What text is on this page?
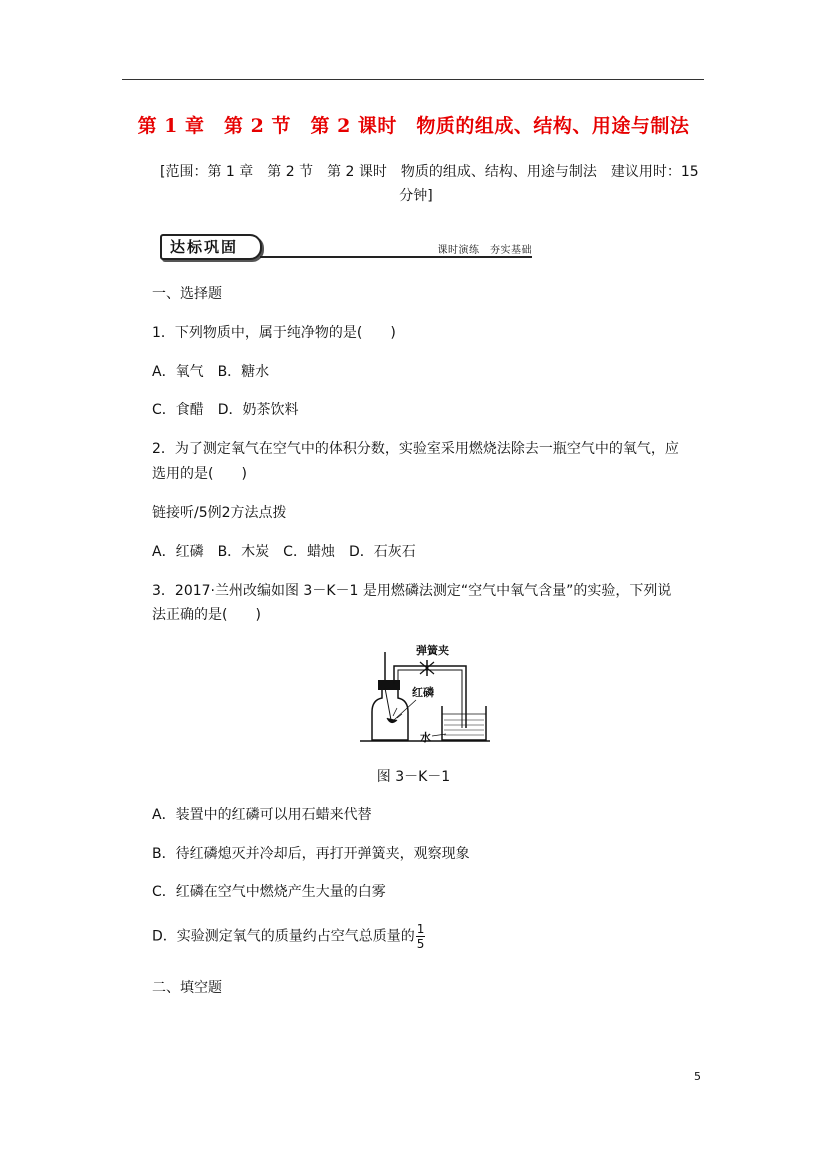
第 1 章　第 2 节　第 2 课时　物质的组成、结构、用途与制法
[范围：第 1 章　第 2 节　第 2 课时　物质的组成、结构、用途与制法　建议用时：15
分钟]
达标巩固	课时演练　夯实基础
一、选择题
1．下列物质中，属于纯净物的是(　　)
A．氧气　B．糖水
C．食醋　D．奶茶饮料
2．为了测定氧气在空气中的体积分数，实验室采用燃烧法除去一瓶空气中的氧气，应
选用的是(　　)
链接听/5例2方法点拨
A．红磷　B．木炭　C．蜡烛　D．石灰石
3．2017·兰州改编如图 3－K－1 是用燃磷法测定“空气中氧气含量”的实验，下列说
法正确的是(　　)
红磷
弹簧夹
水
图 3－K－1
A．装置中的红磷可以用石蜡来代替
B．待红磷熄灭并冷却后，再打开弹簧夹，观察现象
C．红磷在空气中燃烧产生大量的白雾
D．实验测定氧气的质量约占空气总质量的 $\frac{1}{5}$
二、填空题
5
